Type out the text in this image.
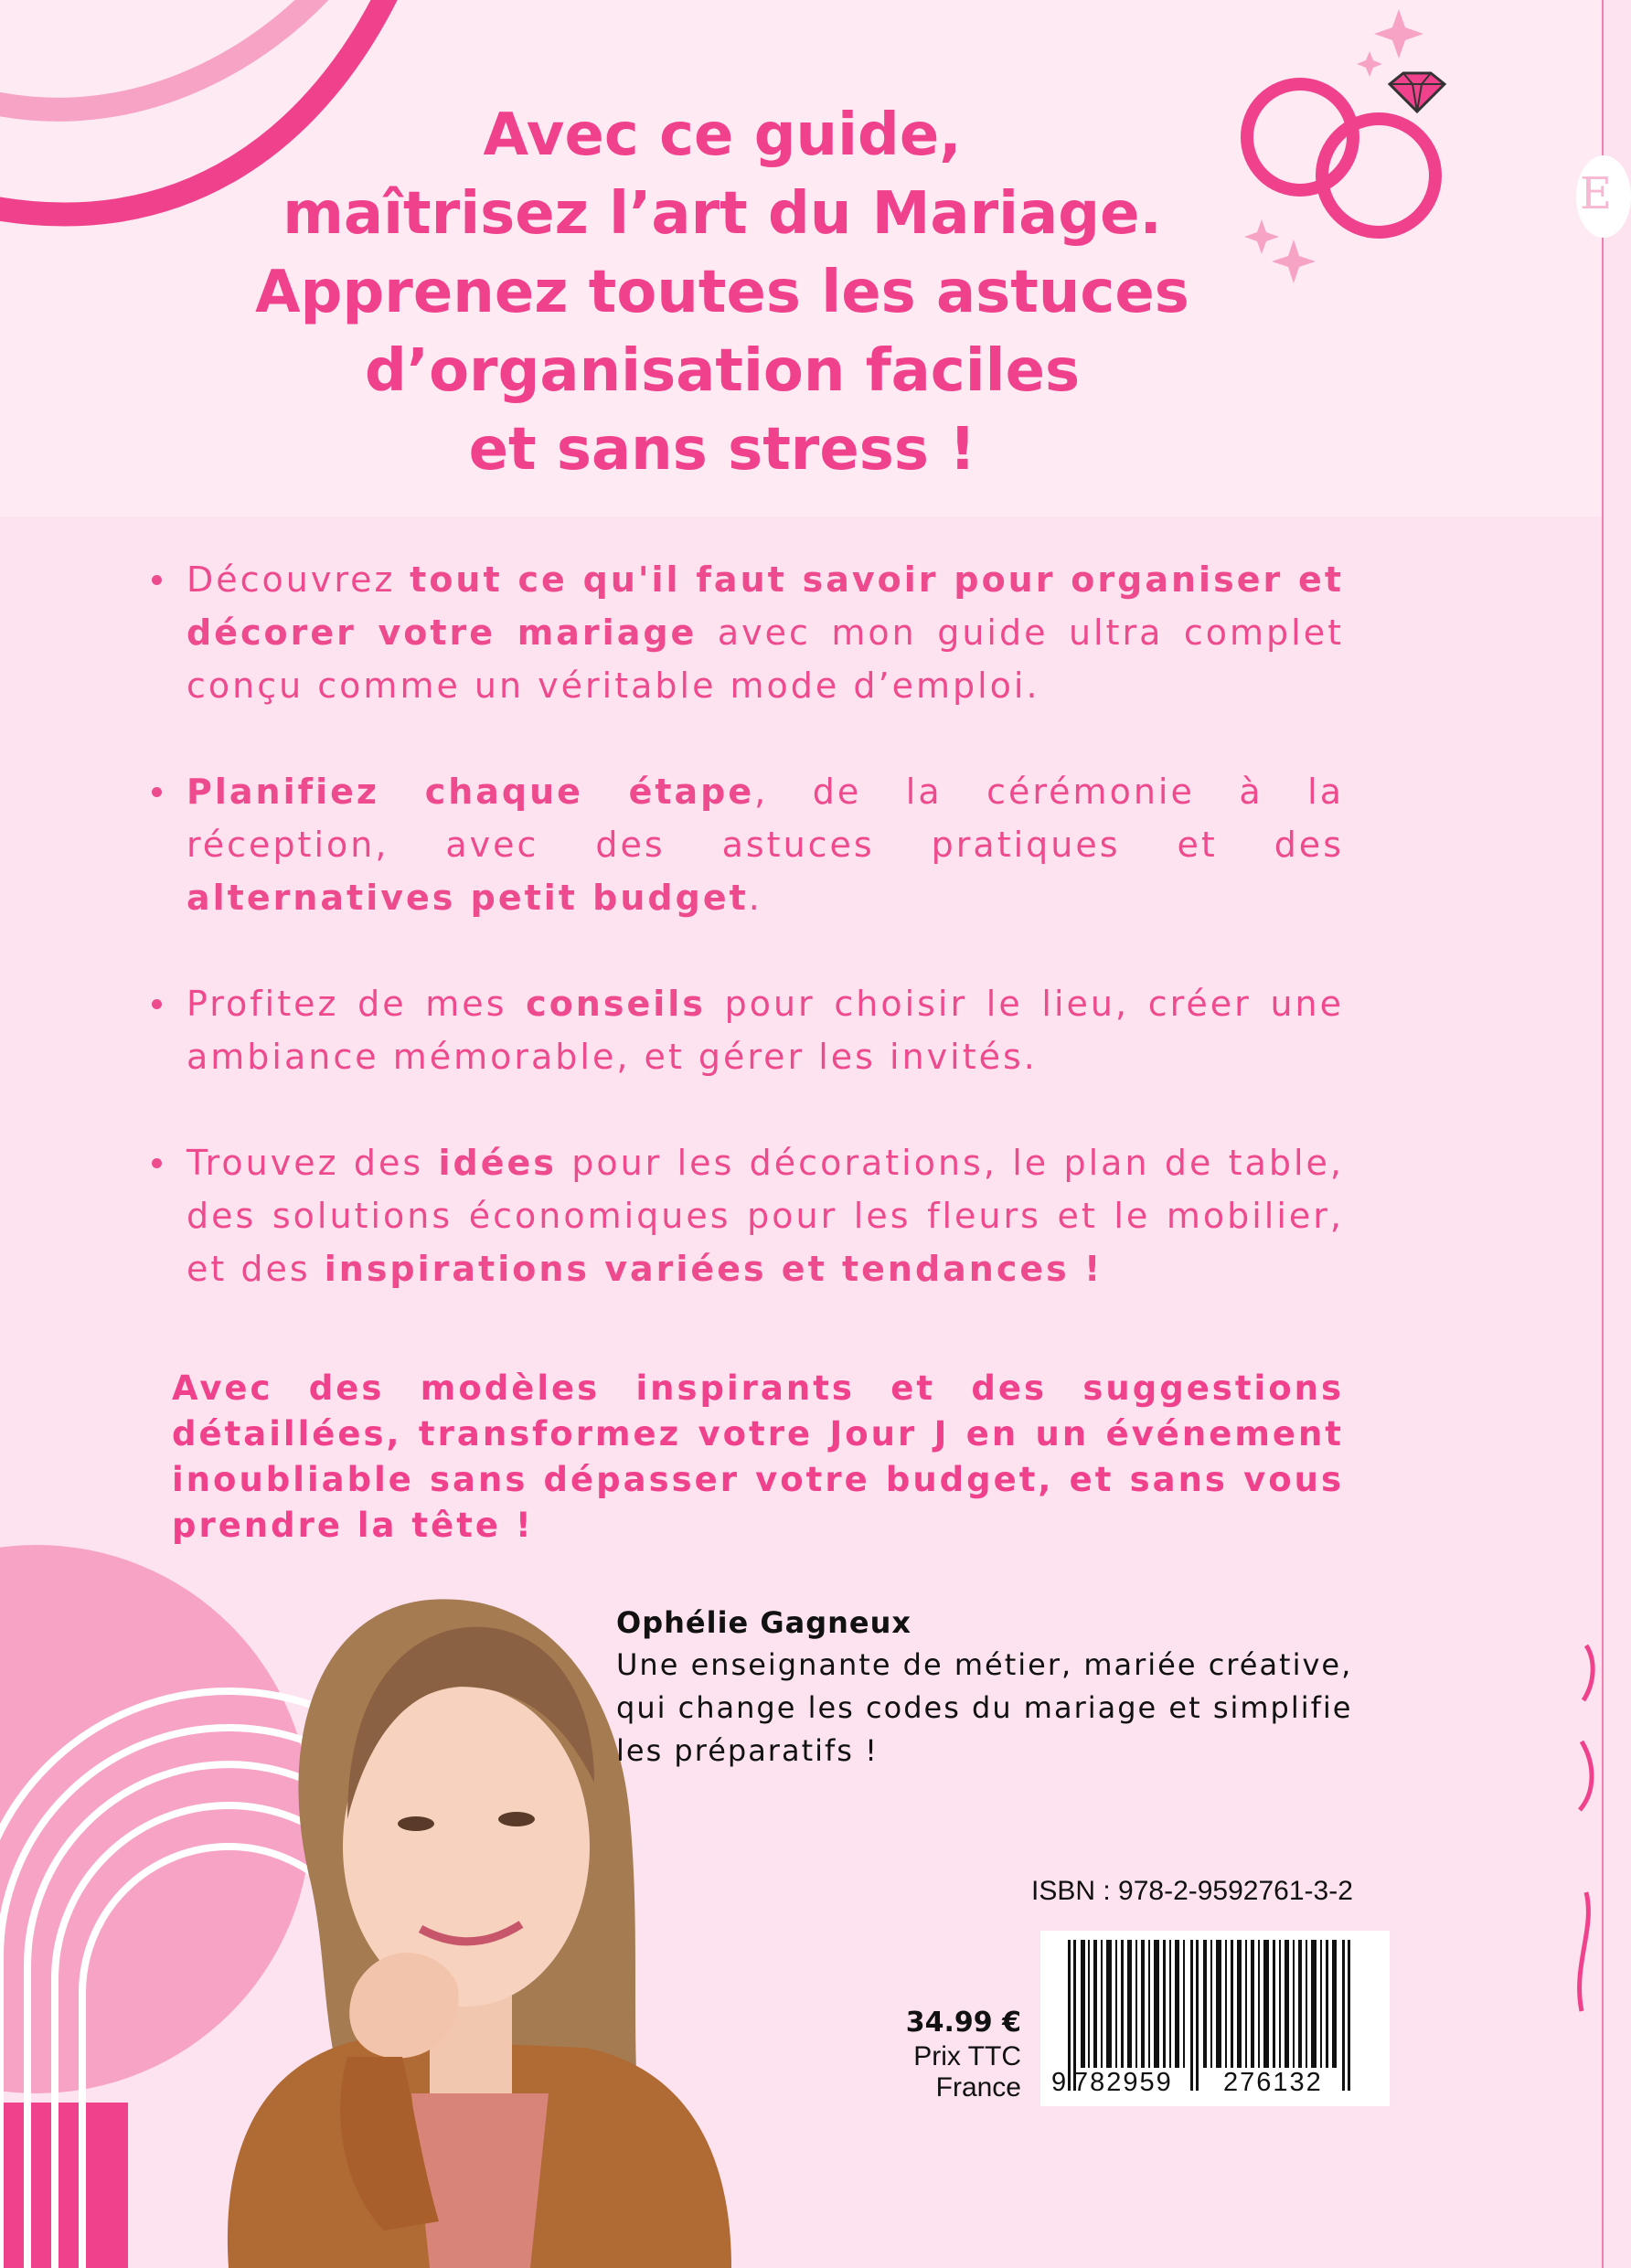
E
Avec ce guide,
maîtrisez l’art du Mariage.
Apprenez toutes les astuces
d’organisation faciles
et sans stress !
Découvrez tout ce qu'il faut savoir pour organiser et décorer votre mariage avec mon guide ultra complet conçu comme un véritable mode d’emploi.
Planifiez chaque étape, de la cérémonie à la réception, avec des astuces pratiques et des alternatives petit budget.
Profitez de mes conseils pour choisir le lieu, créer une ambiance mémorable, et gérer les invités.
Trouvez des idées pour les décorations, le plan de table, des solutions économiques pour les fleurs et le mobilier, et des inspirations variées et tendances !

Avec des modèles inspirants et des suggestions détaillées, transformez votre Jour J en un événement inoubliable sans dépasser votre budget, et sans vous prendre la tête !

Ophélie Gagneux
Une enseignante de métier, mariée créative, qui change les codes du mariage et simplifie les préparatifs !
ISBN : 978-2-9592761-3-2
9 782959 276132
34.99 €
Prix TTC
France
